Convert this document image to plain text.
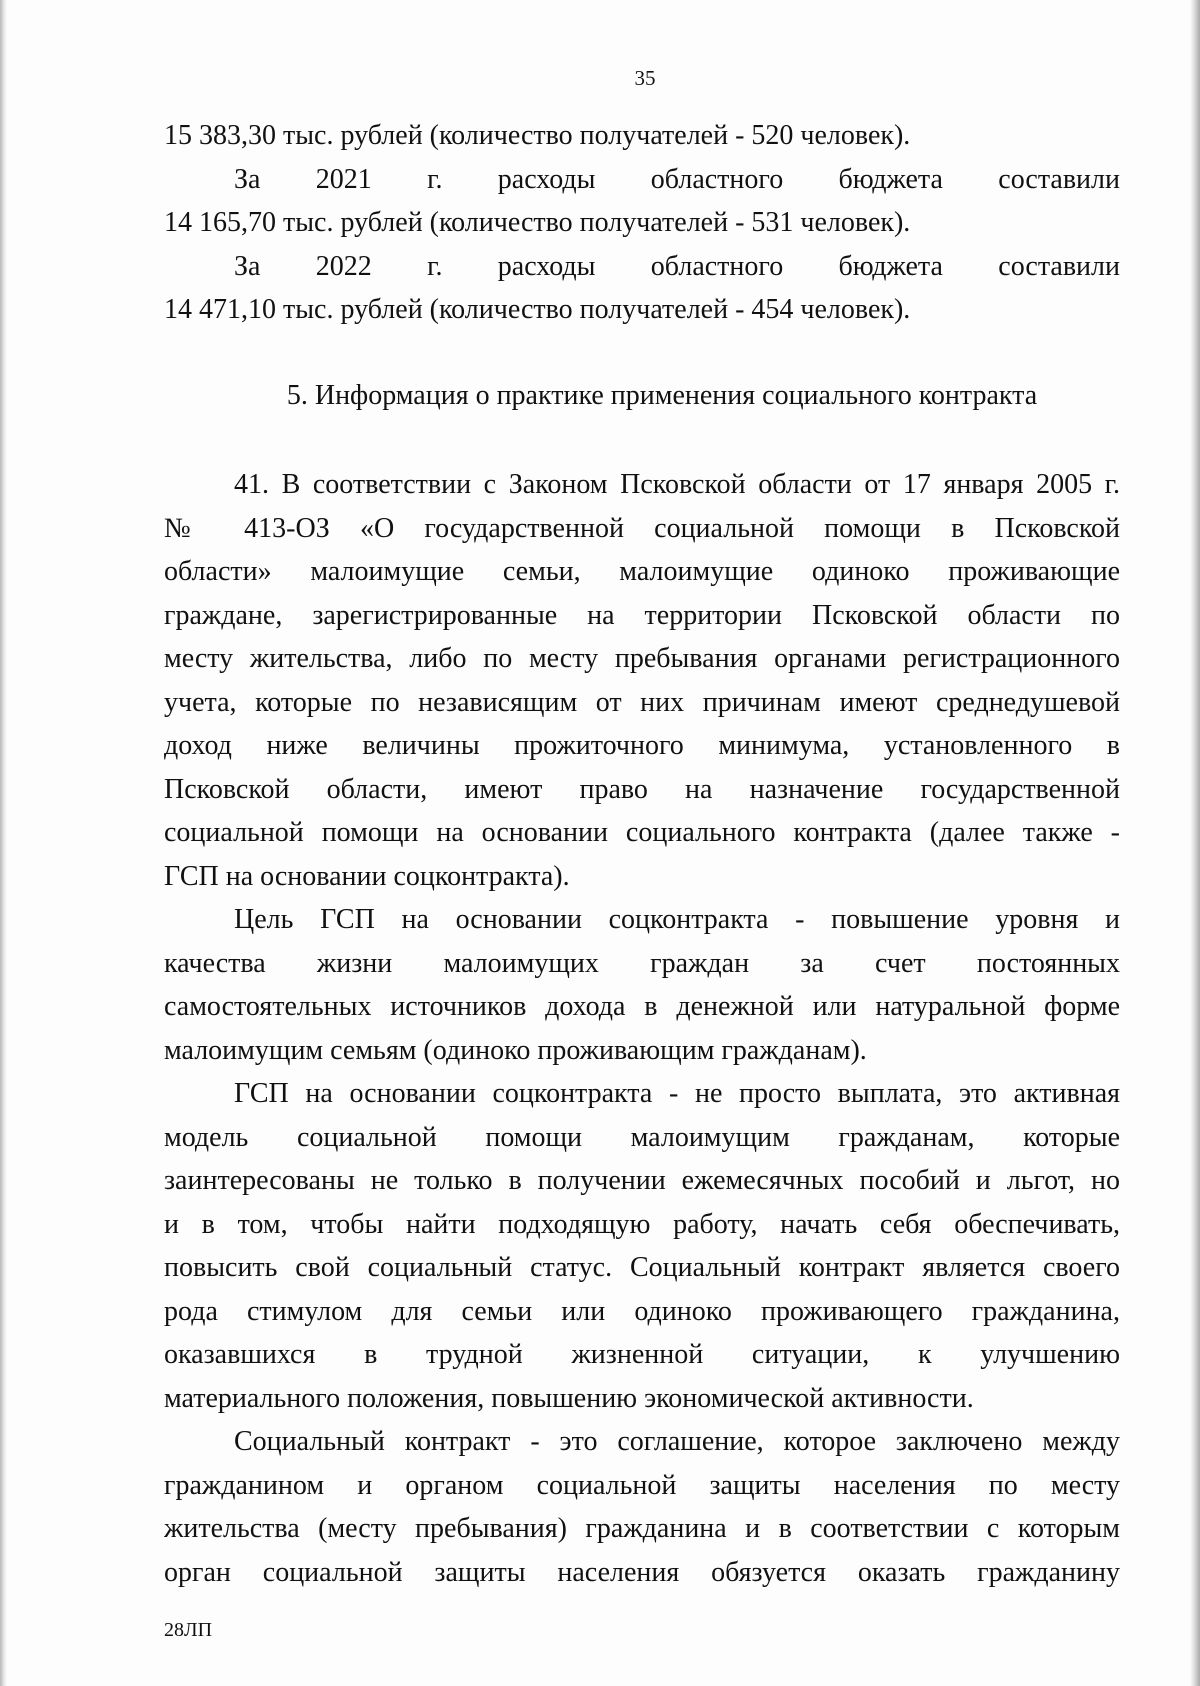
35
15 383,30 тыс. рублей (количество получателей - 520 человек).
За 2021 г. расходы областного бюджета составили
14 165,70 тыс. рублей (количество получателей - 531 человек).
За 2022 г. расходы областного бюджета составили
14 471,10 тыс. рублей (количество получателей - 454 человек).
5. Информация о практике применения социального контракта
41. В соответствии с Законом Псковской области от 17 января 2005 г.
№ 413-ОЗ «О государственной социальной помощи в Псковской
области» малоимущие семьи, малоимущие одиноко проживающие
граждане, зарегистрированные на территории Псковской области по
месту жительства, либо по месту пребывания органами регистрационного
учета, которые по независящим от них причинам имеют среднедушевой
доход ниже величины прожиточного минимума, установленного в
Псковской области, имеют право на назначение государственной
социальной помощи на основании социального контракта (далее также -
ГСП на основании соцконтракта).
Цель ГСП на основании соцконтракта - повышение уровня и
качества жизни малоимущих граждан за счет постоянных
самостоятельных источников дохода в денежной или натуральной форме
малоимущим семьям (одиноко проживающим гражданам).
ГСП на основании соцконтракта - не просто выплата, это активная
модель социальной помощи малоимущим гражданам, которые
заинтересованы не только в получении ежемесячных пособий и льгот, но
и в том, чтобы найти подходящую работу, начать себя обеспечивать,
повысить свой социальный статус. Социальный контракт является своего
рода стимулом для семьи или одиноко проживающего гражданина,
оказавшихся в трудной жизненной ситуации, к улучшению
материального положения, повышению экономической активности.
Социальный контракт - это соглашение, которое заключено между
гражданином и органом социальной защиты населения по месту
жительства (месту пребывания) гражданина и в соответствии с которым
орган социальной защиты населения обязуется оказать гражданину
28ЛП
